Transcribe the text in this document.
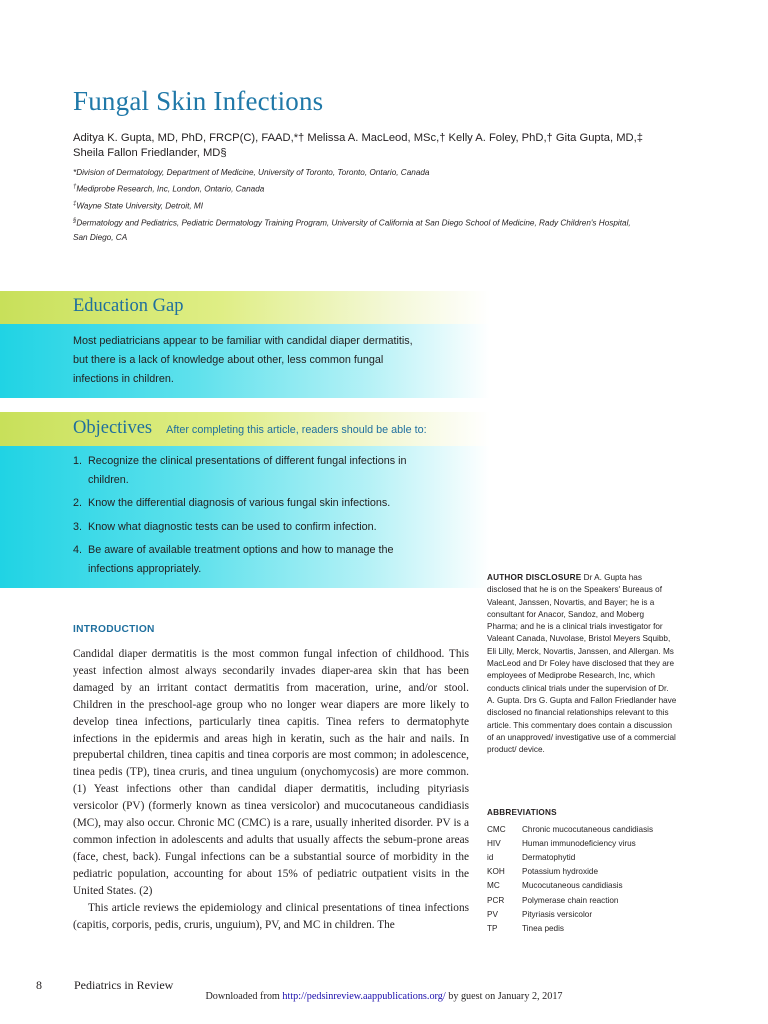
Fungal Skin Infections
Aditya K. Gupta, MD, PhD, FRCP(C), FAAD,*† Melissa A. MacLeod, MSc,† Kelly A. Foley, PhD,† Gita Gupta, MD,‡
Sheila Fallon Friedlander, MD§
*Division of Dermatology, Department of Medicine, University of Toronto, Toronto, Ontario, Canada
†Mediprobe Research, Inc, London, Ontario, Canada
‡Wayne State University, Detroit, MI
§Dermatology and Pediatrics, Pediatric Dermatology Training Program, University of California at San Diego School of Medicine, Rady Children's Hospital,
San Diego, CA
Education Gap
Most pediatricians appear to be familiar with candidal diaper dermatitis,
but there is a lack of knowledge about other, less common fungal
infections in children.
Objectives After completing this article, readers should be able to:
1. Recognize the clinical presentations of different fungal infections in
children.
2. Know the differential diagnosis of various fungal skin infections.
3. Know what diagnostic tests can be used to confirm infection.
4. Be aware of available treatment options and how to manage the
infections appropriately.
INTRODUCTION

Candidal diaper dermatitis is the most common fungal infection of childhood. This yeast infection almost always secondarily invades diaper-area skin that has been damaged by an irritant contact dermatitis from maceration, urine, and/or stool. Children in the preschool-age group who no longer wear diapers are more likely to develop tinea infections, particularly tinea capitis. Tinea refers to dermatophyte infections in the epidermis and areas high in keratin, such as the hair and nails. In prepubertal children, tinea capitis and tinea corporis are most common; in adolescence, tinea pedis (TP), tinea cruris, and tinea unguium (onychomycosis) are more common. (1) Yeast infections other than candidal diaper dermatitis, including pityriasis versicolor (PV) (formerly known as tinea versicolor) and mucocutaneous candidiasis (MC), may also occur. Chronic MC (CMC) is a rare, usually inherited disorder. PV is a common infection in adolescents and adults that usually affects the sebum-prone areas (face, chest, back). Fungal infections can be a substantial source of morbidity in the pediatric population, accounting for about 15% of pediatric outpatient visits in the United States. (2)

This article reviews the epidemiology and clinical presentations of tinea infections (capitis, corporis, pedis, cruris, unguium), PV, and MC in children. The

AUTHOR DISCLOSURE Dr A. Gupta has disclosed that he is on the Speakers' Bureaus of Valeant, Janssen, Novartis, and Bayer; he is a consultant for Anacor, Sandoz, and Moberg Pharma; and he is a clinical trials investigator for Valeant Canada, Nuvolase, Bristol Meyers Squibb, Eli Lilly, Merck, Novartis, Janssen, and Allergan. Ms MacLeod and Dr Foley have disclosed that they are employees of Mediprobe Research, Inc, which conducts clinical trials under the supervision of Dr. A. Gupta. Drs G. Gupta and Fallon Friedlander have disclosed no financial relationships relevant to this article. This commentary does contain a discussion of an unapproved/ investigative use of a commercial product/ device.
ABBREVIATIONS
CMC	Chronic mucocutaneous candidiasis
HIV	Human immunodeficiency virus
id	Dermatophytid
KOH	Potassium hydroxide
MC	Mucocutaneous candidiasis
PCR	Polymerase chain reaction
PV	Pityriasis versicolor
TP	Tinea pedis
8	Pediatrics in Review
Downloaded from http://pedsinreview.aappublications.org/ by guest on January 2, 2017
